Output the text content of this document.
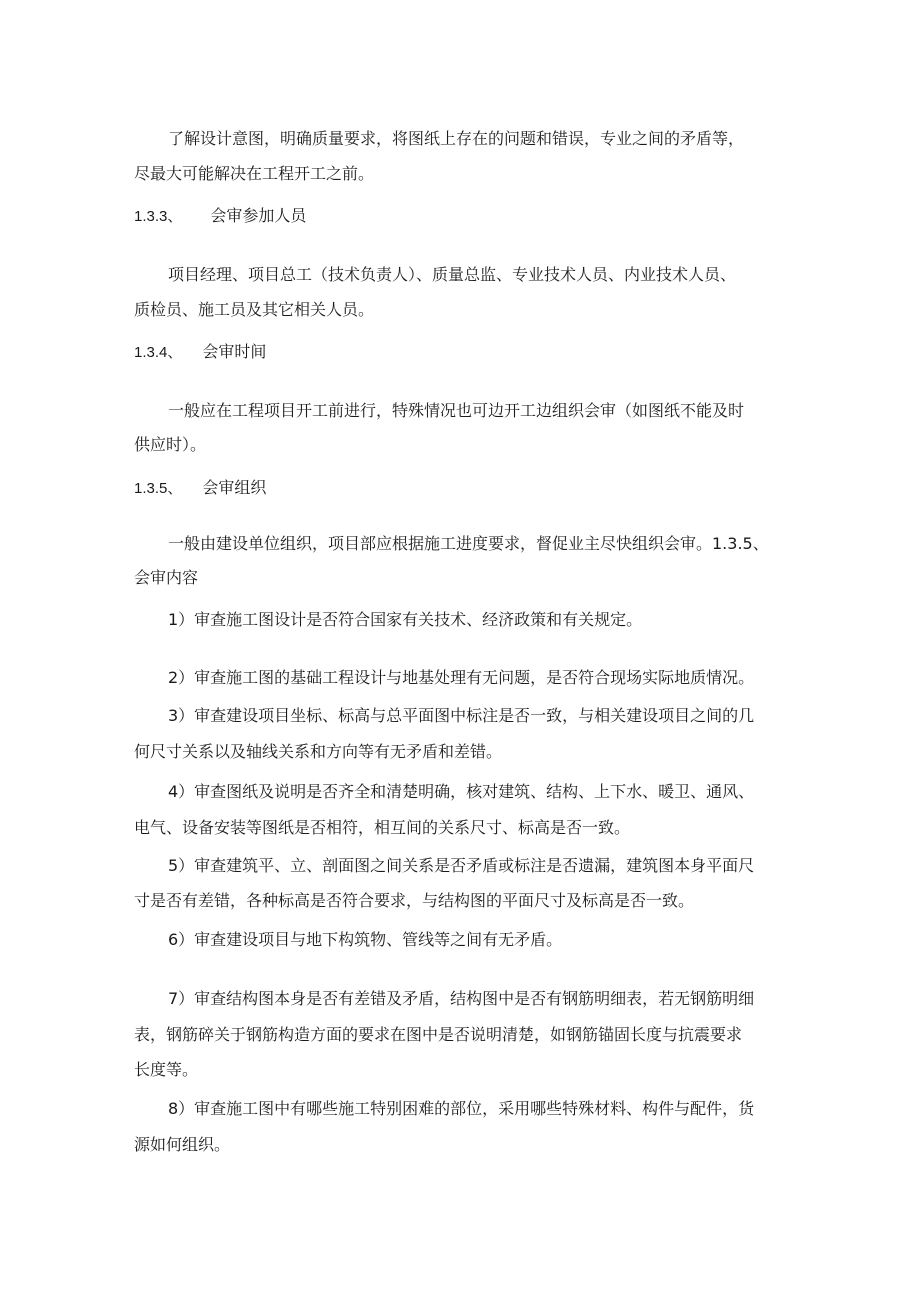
了解设计意图，明确质量要求，将图纸上存在的问题和错误，专业之间的矛盾等，
尽最大可能解决在工程开工之前。
1.3.3、 会审参加人员
项目经理、项目总工（技术负责人）、质量总监、专业技术人员、内业技术人员、
质检员、施工员及其它相关人员。
1.3.4、 会审时间
一般应在工程项目开工前进行，特殊情况也可边开工边组织会审（如图纸不能及时
供应时）。
1.3.5、 会审组织
一般由建设单位组织，项目部应根据施工进度要求，督促业主尽快组织会审。1.3.5、
会审内容
1）审查施工图设计是否符合国家有关技术、经济政策和有关规定。
2）审查施工图的基础工程设计与地基处理有无问题，是否符合现场实际地质情况。
3）审查建设项目坐标、标高与总平面图中标注是否一致，与相关建设项目之间的几
何尺寸关系以及轴线关系和方向等有无矛盾和差错。
4）审查图纸及说明是否齐全和清楚明确，核对建筑、结构、上下水、暖卫、通风、
电气、设备安装等图纸是否相符，相互间的关系尺寸、标高是否一致。
5）审查建筑平、立、剖面图之间关系是否矛盾或标注是否遗漏，建筑图本身平面尺
寸是否有差错，各种标高是否符合要求，与结构图的平面尺寸及标高是否一致。
6）审查建设项目与地下构筑物、管线等之间有无矛盾。
7）审查结构图本身是否有差错及矛盾，结构图中是否有钢筋明细表，若无钢筋明细
表，钢筋碎关于钢筋构造方面的要求在图中是否说明清楚，如钢筋锚固长度与抗震要求
长度等。
8）审查施工图中有哪些施工特别困难的部位，采用哪些特殊材料、构件与配件，货
源如何组织。
